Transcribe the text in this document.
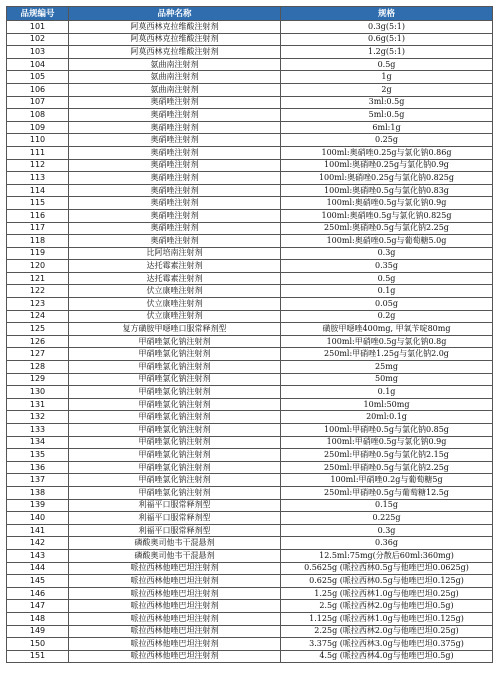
品规编号	品种名称	规格
101	阿莫西林克拉维酸注射剂	0.3g(5:1)
102	阿莫西林克拉维酸注射剂	0.6g(5:1)
103	阿莫西林克拉维酸注射剂	1.2g(5:1)
104	氨曲南注射剂	0.5g
105	氨曲南注射剂	1g
106	氨曲南注射剂	2g
107	奥硝唑注射剂	3ml:0.5g
108	奥硝唑注射剂	5ml:0.5g
109	奥硝唑注射剂	6ml:1g
110	奥硝唑注射剂	0.25g
111	奥硝唑注射剂	100ml:奥硝唑0.25g与氯化钠0.86g
112	奥硝唑注射剂	100ml:奥硝唑0.25g与氯化钠0.9g
113	奥硝唑注射剂	100ml:奥硝唑0.25g与氯化钠0.825g
114	奥硝唑注射剂	100ml:奥硝唑0.5g与氯化钠0.83g
115	奥硝唑注射剂	100ml:奥硝唑0.5g与氯化钠0.9g
116	奥硝唑注射剂	100ml:奥硝唑0.5g与氯化钠0.825g
117	奥硝唑注射剂	250ml:奥硝唑0.5g与氯化钠2.25g
118	奥硝唑注射剂	100ml:奥硝唑0.5g与葡萄糖5.0g
119	比阿培南注射剂	0.3g
120	达托霉素注射剂	0.35g
121	达托霉素注射剂	0.5g
122	伏立康唑注射剂	0.1g
123	伏立康唑注射剂	0.05g
124	伏立康唑注射剂	0.2g
125	复方磺胺甲噁唑口服常释剂型	磺胺甲噁唑400mg, 甲氧苄啶80mg
126	甲硝唑氯化钠注射剂	100ml:甲硝唑0.5g与氯化钠0.8g
127	甲硝唑氯化钠注射剂	250ml:甲硝唑1.25g与氯化钠2.0g
128	甲硝唑氯化钠注射剂	25mg
129	甲硝唑氯化钠注射剂	50mg
130	甲硝唑氯化钠注射剂	0.1g
131	甲硝唑氯化钠注射剂	10ml:50mg
132	甲硝唑氯化钠注射剂	20ml:0.1g
133	甲硝唑氯化钠注射剂	100ml:甲硝唑0.5g与氯化钠0.85g
134	甲硝唑氯化钠注射剂	100ml:甲硝唑0.5g与氯化钠0.9g
135	甲硝唑氯化钠注射剂	250ml:甲硝唑0.5g与氯化钠2.15g
136	甲硝唑氯化钠注射剂	250ml:甲硝唑0.5g与氯化钠2.25g
137	甲硝唑氯化钠注射剂	100ml:甲硝唑0.2g与葡萄糖5g
138	甲硝唑氯化钠注射剂	250ml:甲硝唑0.5g与葡萄糖12.5g
139	利福平口服常释剂型	0.15g
140	利福平口服常释剂型	0.225g
141	利福平口服常释剂型	0.3g
142	磷酸奥司他韦干混悬剂	0.36g
143	磷酸奥司他韦干混悬剂	12.5ml:75mg(分散后60ml:360mg)
144	哌拉西林他唑巴坦注射剂	0.5625g (哌拉西林0.5g与他唑巴坦0.0625g)
145	哌拉西林他唑巴坦注射剂	0.625g (哌拉西林0.5g与他唑巴坦0.125g)
146	哌拉西林他唑巴坦注射剂	1.25g (哌拉西林1.0g与他唑巴坦0.25g)
147	哌拉西林他唑巴坦注射剂	2.5g (哌拉西林2.0g与他唑巴坦0.5g)
148	哌拉西林他唑巴坦注射剂	1.125g (哌拉西林1.0g与他唑巴坦0.125g)
149	哌拉西林他唑巴坦注射剂	2.25g (哌拉西林2.0g与他唑巴坦0.25g)
150	哌拉西林他唑巴坦注射剂	3.375g (哌拉西林3.0g与他唑巴坦0.375g)
151	哌拉西林他唑巴坦注射剂	4.5g (哌拉西林4.0g与他唑巴坦0.5g)
